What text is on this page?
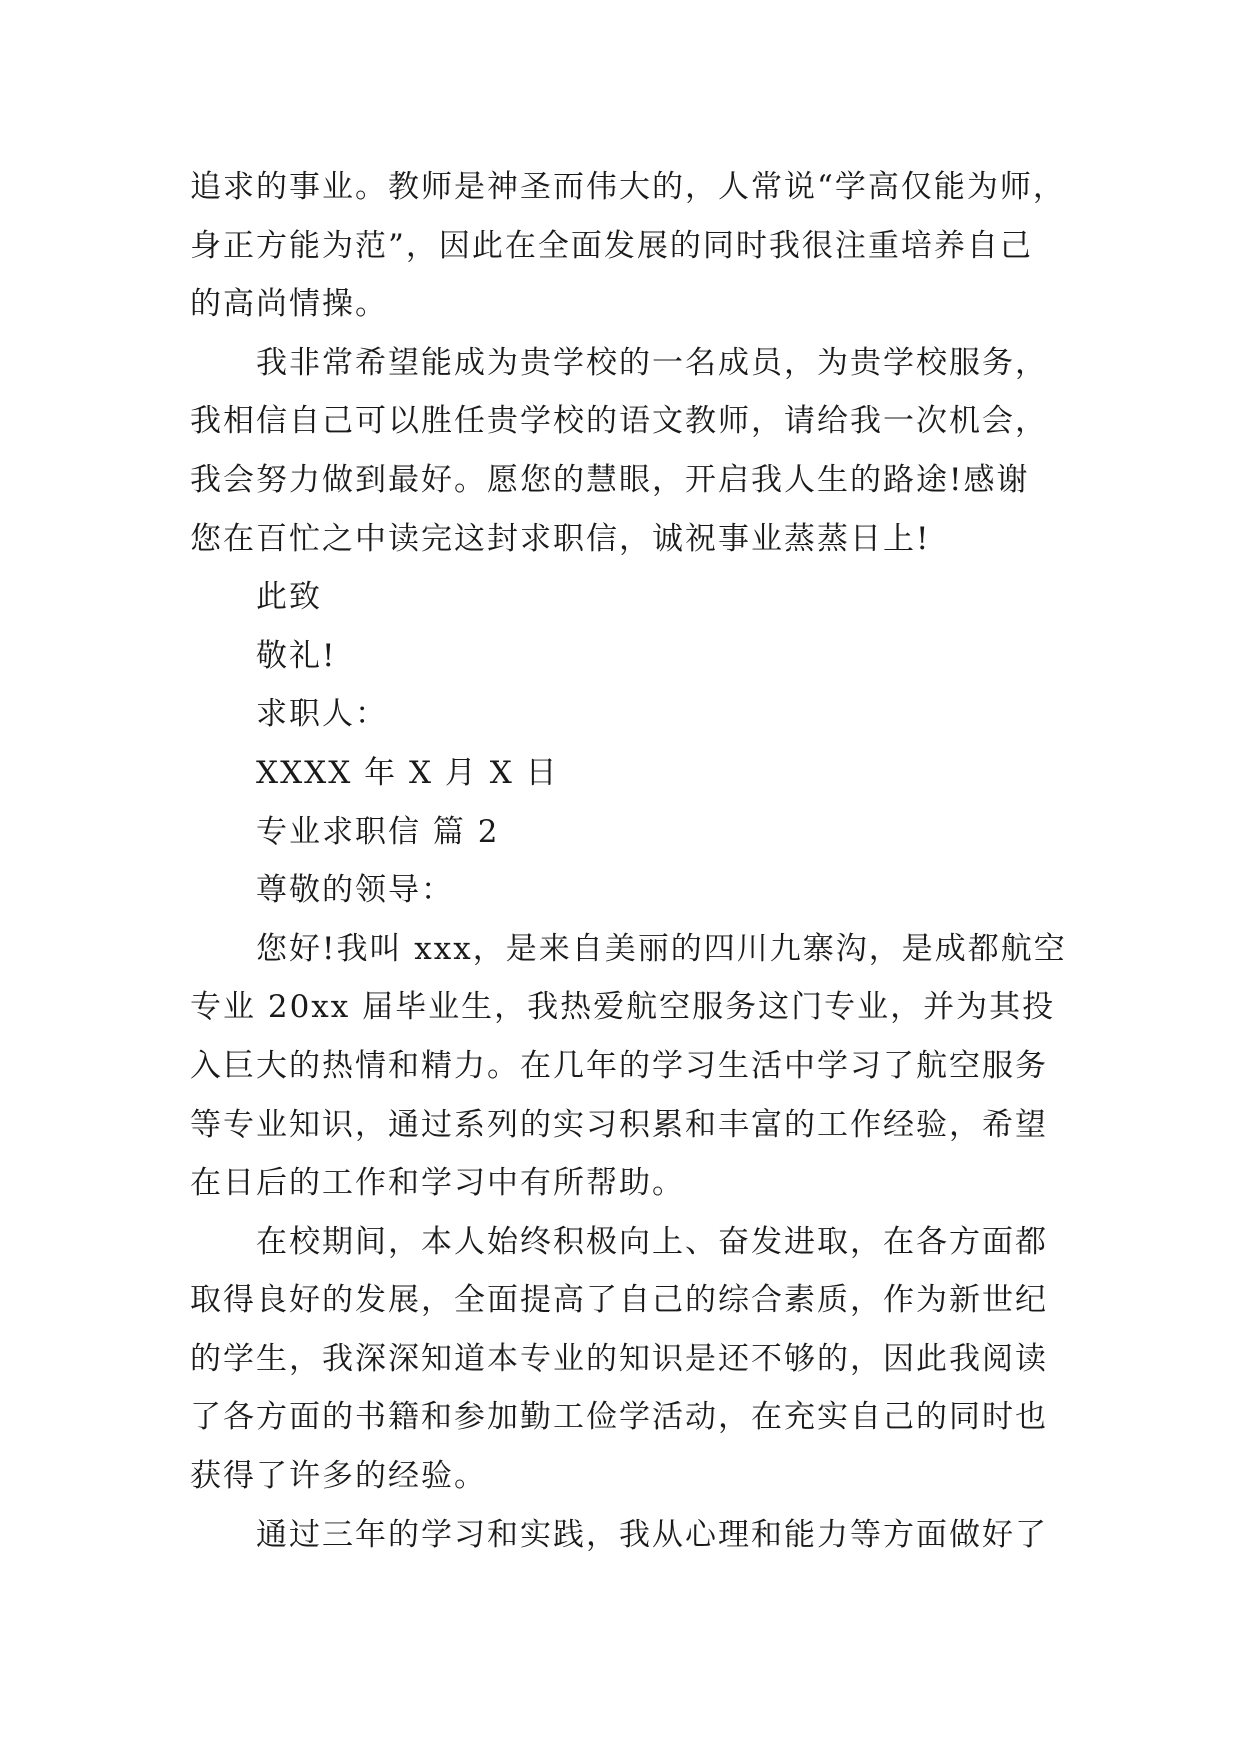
追求的事业。教师是神圣而伟大的，人常说“学高仅能为师，
身正方能为范”，因此在全面发展的同时我很注重培养自己
的高尚情操。
我非常希望能成为贵学校的一名成员，为贵学校服务，
我相信自己可以胜任贵学校的语文教师，请给我一次机会，
我会努力做到最好。愿您的慧眼，开启我人生的路途!感谢
您在百忙之中读完这封求职信，诚祝事业蒸蒸日上!
此致
敬礼!
求职人：
XXXX 年 X 月 X 日
专业求职信 篇 2
尊敬的领导：
您好!我叫 xxx，是来自美丽的四川九寨沟，是成都航空
专业 20xx 届毕业生，我热爱航空服务这门专业，并为其投
入巨大的热情和精力。在几年的学习生活中学习了航空服务
等专业知识，通过系列的实习积累和丰富的工作经验，希望
在日后的工作和学习中有所帮助。
在校期间，本人始终积极向上、奋发进取，在各方面都
取得良好的发展，全面提高了自己的综合素质，作为新世纪
的学生，我深深知道本专业的知识是还不够的，因此我阅读
了各方面的书籍和参加勤工俭学活动，在充实自己的同时也
获得了许多的经验。
通过三年的学习和实践，我从心理和能力等方面做好了
